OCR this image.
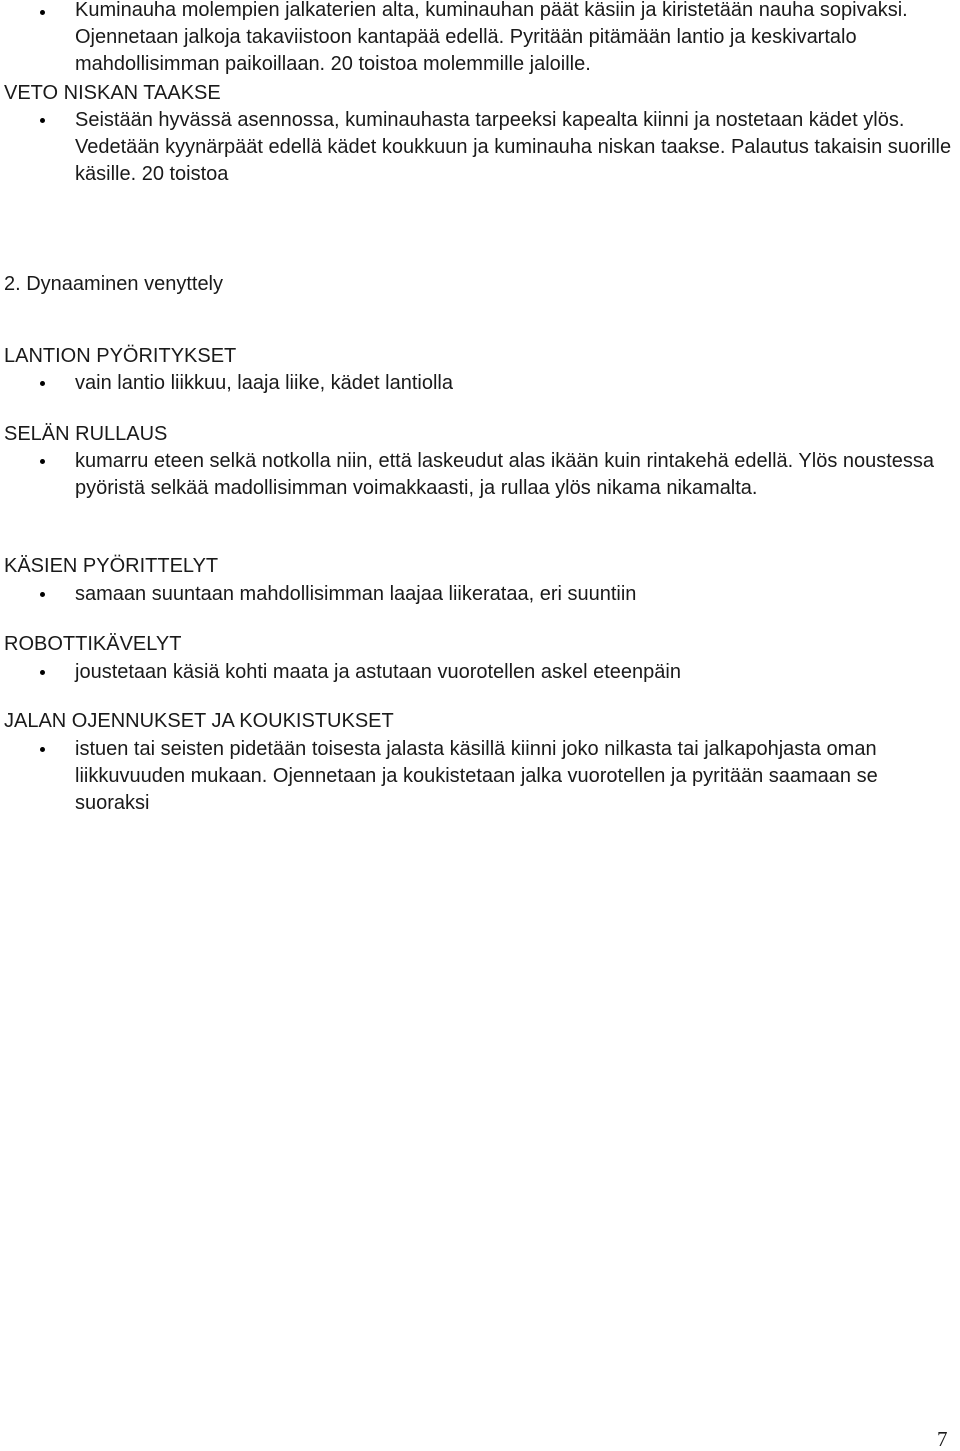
Kuminauha molempien jalkaterien alta, kuminauhan päät käsiin ja kiristetään nauha sopivaksi. Ojennetaan jalkoja takaviistoon kantapää edellä. Pyritään pitämään lantio ja keskivartalo mahdollisimman paikoillaan. 20 toistoa molemmille jaloille.
VETO NISKAN TAAKSE
Seistään hyvässä asennossa, kuminauhasta tarpeeksi kapealta kiinni ja nostetaan kädet ylös. Vedetään kyynärpäät edellä kädet koukkuun ja kuminauha niskan taakse. Palautus takaisin suorille käsille. 20 toistoa
2. Dynaaminen venyttely
LANTION PYÖRITYKSET
vain lantio liikkuu, laaja liike, kädet lantiolla
SELÄN RULLAUS
kumarru eteen selkä notkolla niin, että laskeudut alas ikään kuin rintakehä edellä. Ylös noustessa pyöristä selkää madollisimman voimakkaasti, ja rullaa ylös nikama nikamalta.
KÄSIEN PYÖRITTELYT
samaan suuntaan mahdollisimman laajaa liikerataa, eri suuntiin
ROBOTTIKÄVELYT
joustetaan käsiä kohti maata ja astutaan vuorotellen askel eteenpäin
JALAN OJENNUKSET JA KOUKISTUKSET
istuen tai seisten pidetään toisesta jalasta käsillä kiinni joko nilkasta tai jalkapohjasta oman liikkuvuuden mukaan. Ojennetaan ja koukistetaan jalka vuorotellen ja pyritään saamaan se suoraksi
7
